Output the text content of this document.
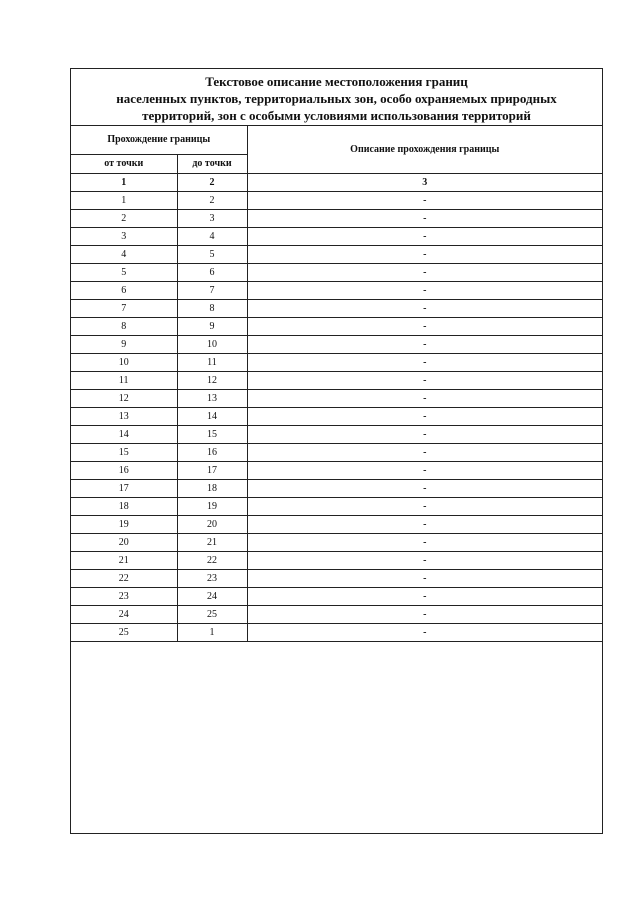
Текстовое описание местоположения границ
населенных пунктов, территориальных зон, особо охраняемых природных
территорий, зон с особыми условиями использования территорий
Прохождение границы		Описание прохождения границы
от точки	до точки	
1	2	3
1	2	-
2	3	-
3	4	-
4	5	-
5	6	-
6	7	-
7	8	-
8	9	-
9	10	-
10	11	-
11	12	-
12	13	-
13	14	-
14	15	-
15	16	-
16	17	-
17	18	-
18	19	-
19	20	-
20	21	-
21	22	-
22	23	-
23	24	-
24	25	-
25	1	-
